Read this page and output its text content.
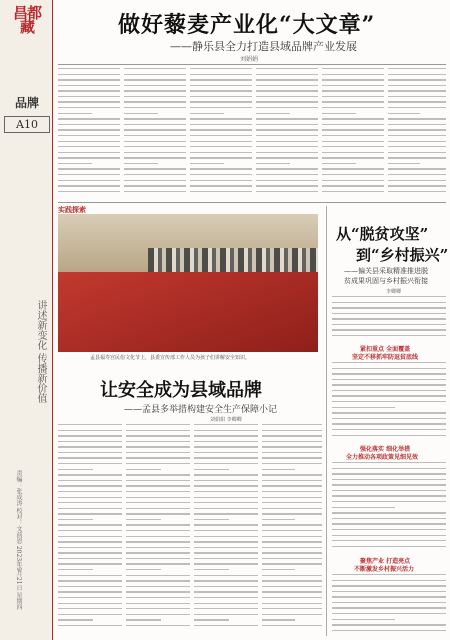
昌都
藏
品牌
A10
讲述新变化 传播新价值
责编：张成涛 校对：文前恩 2023年9月21日 星期四
做好藜麦产业化“大文章”
——静乐县全力打造县域品牌产业发展
刘娟娟
实践探索
孟县福寿宫民俗文化节上，县委宣传部工作人员为孩子们讲解安全知识。
让安全成为县域品牌
——孟县多举措构建安全生产保障小记
刘娟娟 李卿卿
从“脱贫攻坚”
到“乡村振兴”
——偏关县采取精准推进脱
贫成果巩固与乡村振兴衔接
李卿卿
紧扣重点 全面覆盖
坚定不移抓牢防返贫底线
强化落实 细化举措
全力推动各项政策见细见效
聚焦产业 打造亮点
不断激发乡村振兴活力
